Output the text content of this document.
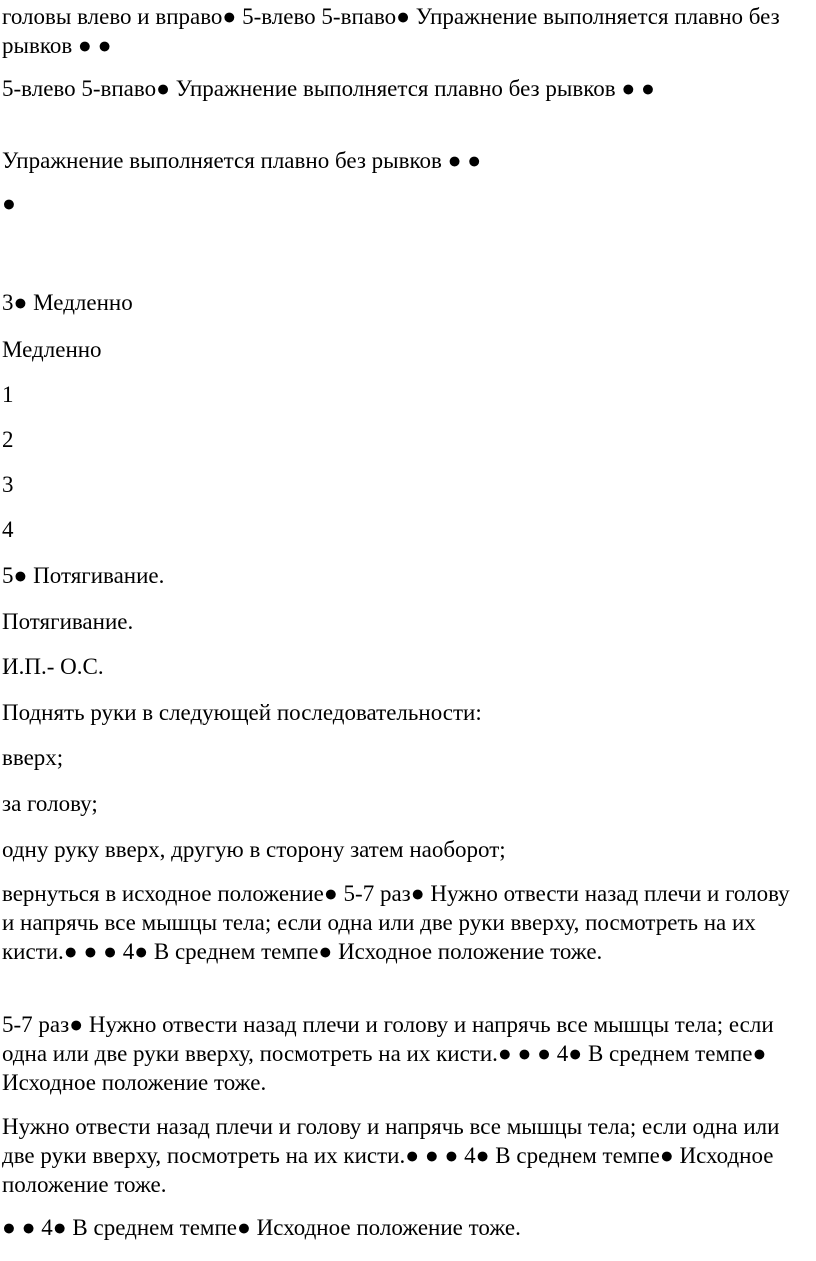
головы влево и вправо● 5-влево 5-впаво● Упражнение выполняется плавно без рывков ● ●

5-влево 5-впаво● Упражнение выполняется плавно без рывков ● ●

Упражнение выполняется плавно без рывков ● ●

●

3● Медленно

Медленно

1

2

3

4

5● Потягивание.

Потягивание.

И.П.- О.С.

Поднять руки в следующей последовательности:

вверх;

за голову;

одну руку вверх, другую в сторону затем наоборот;

вернуться в исходное положение● 5-7 раз● Нужно отвести назад плечи и голову и напрячь все мышцы тела; если одна или две руки вверху, посмотреть на их кисти.● ● ● 4● В среднем темпе● Исходное положение тоже.

5-7 раз● Нужно отвести назад плечи и голову и напрячь все мышцы тела; если одна или две руки вверху, посмотреть на их кисти.● ● ● 4● В среднем темпе● Исходное положение тоже.

Нужно отвести назад плечи и голову и напрячь все мышцы тела; если одна или две руки вверху, посмотреть на их кисти.● ● ● 4● В среднем темпе● Исходное положение тоже.

● ● 4● В среднем темпе● Исходное положение тоже.
